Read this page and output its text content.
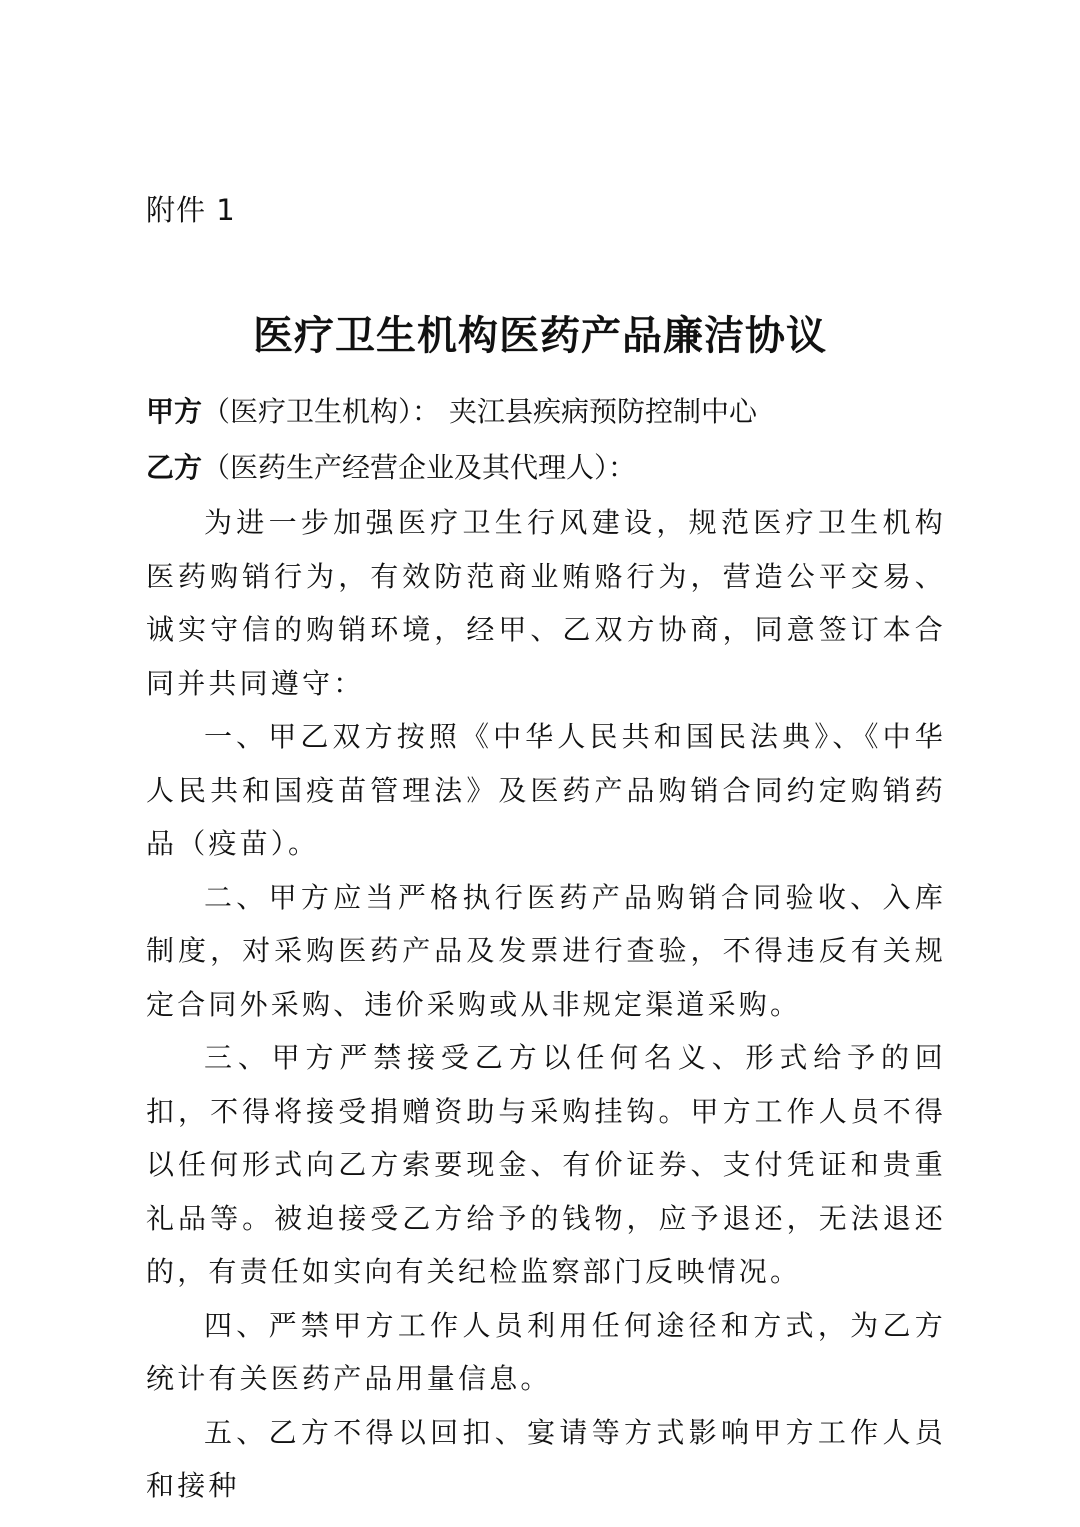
附件 1
医疗卫生机构医药产品廉洁协议
甲方（医疗卫生机构）： 夹江县疾病预防控制中心
乙方（医药生产经营企业及其代理人）：

为进一步加强医疗卫生行风建设，规范医疗卫生机构医药购销行为，有效防范商业贿赂行为，营造公平交易、诚实守信的购销环境，经甲、乙双方协商，同意签订本合同并共同遵守：

一、甲乙双方按照《中华人民共和国民法典》、《中华人民共和国疫苗管理法》及医药产品购销合同约定购销药品（疫苗）。

二、甲方应当严格执行医药产品购销合同验收、入库制度，对采购医药产品及发票进行查验，不得违反有关规定合同外采购、违价采购或从非规定渠道采购。

三、甲方严禁接受乙方以任何名义、形式给予的回扣，不得将接受捐赠资助与采购挂钩。甲方工作人员不得以任何形式向乙方索要现金、有价证券、支付凭证和贵重礼品等。被迫接受乙方给予的钱物，应予退还，无法退还的，有责任如实向有关纪检监察部门反映情况。

四、严禁甲方工作人员利用任何途径和方式，为乙方统计有关医药产品用量信息。

五、乙方不得以回扣、宴请等方式影响甲方工作人员和接种
